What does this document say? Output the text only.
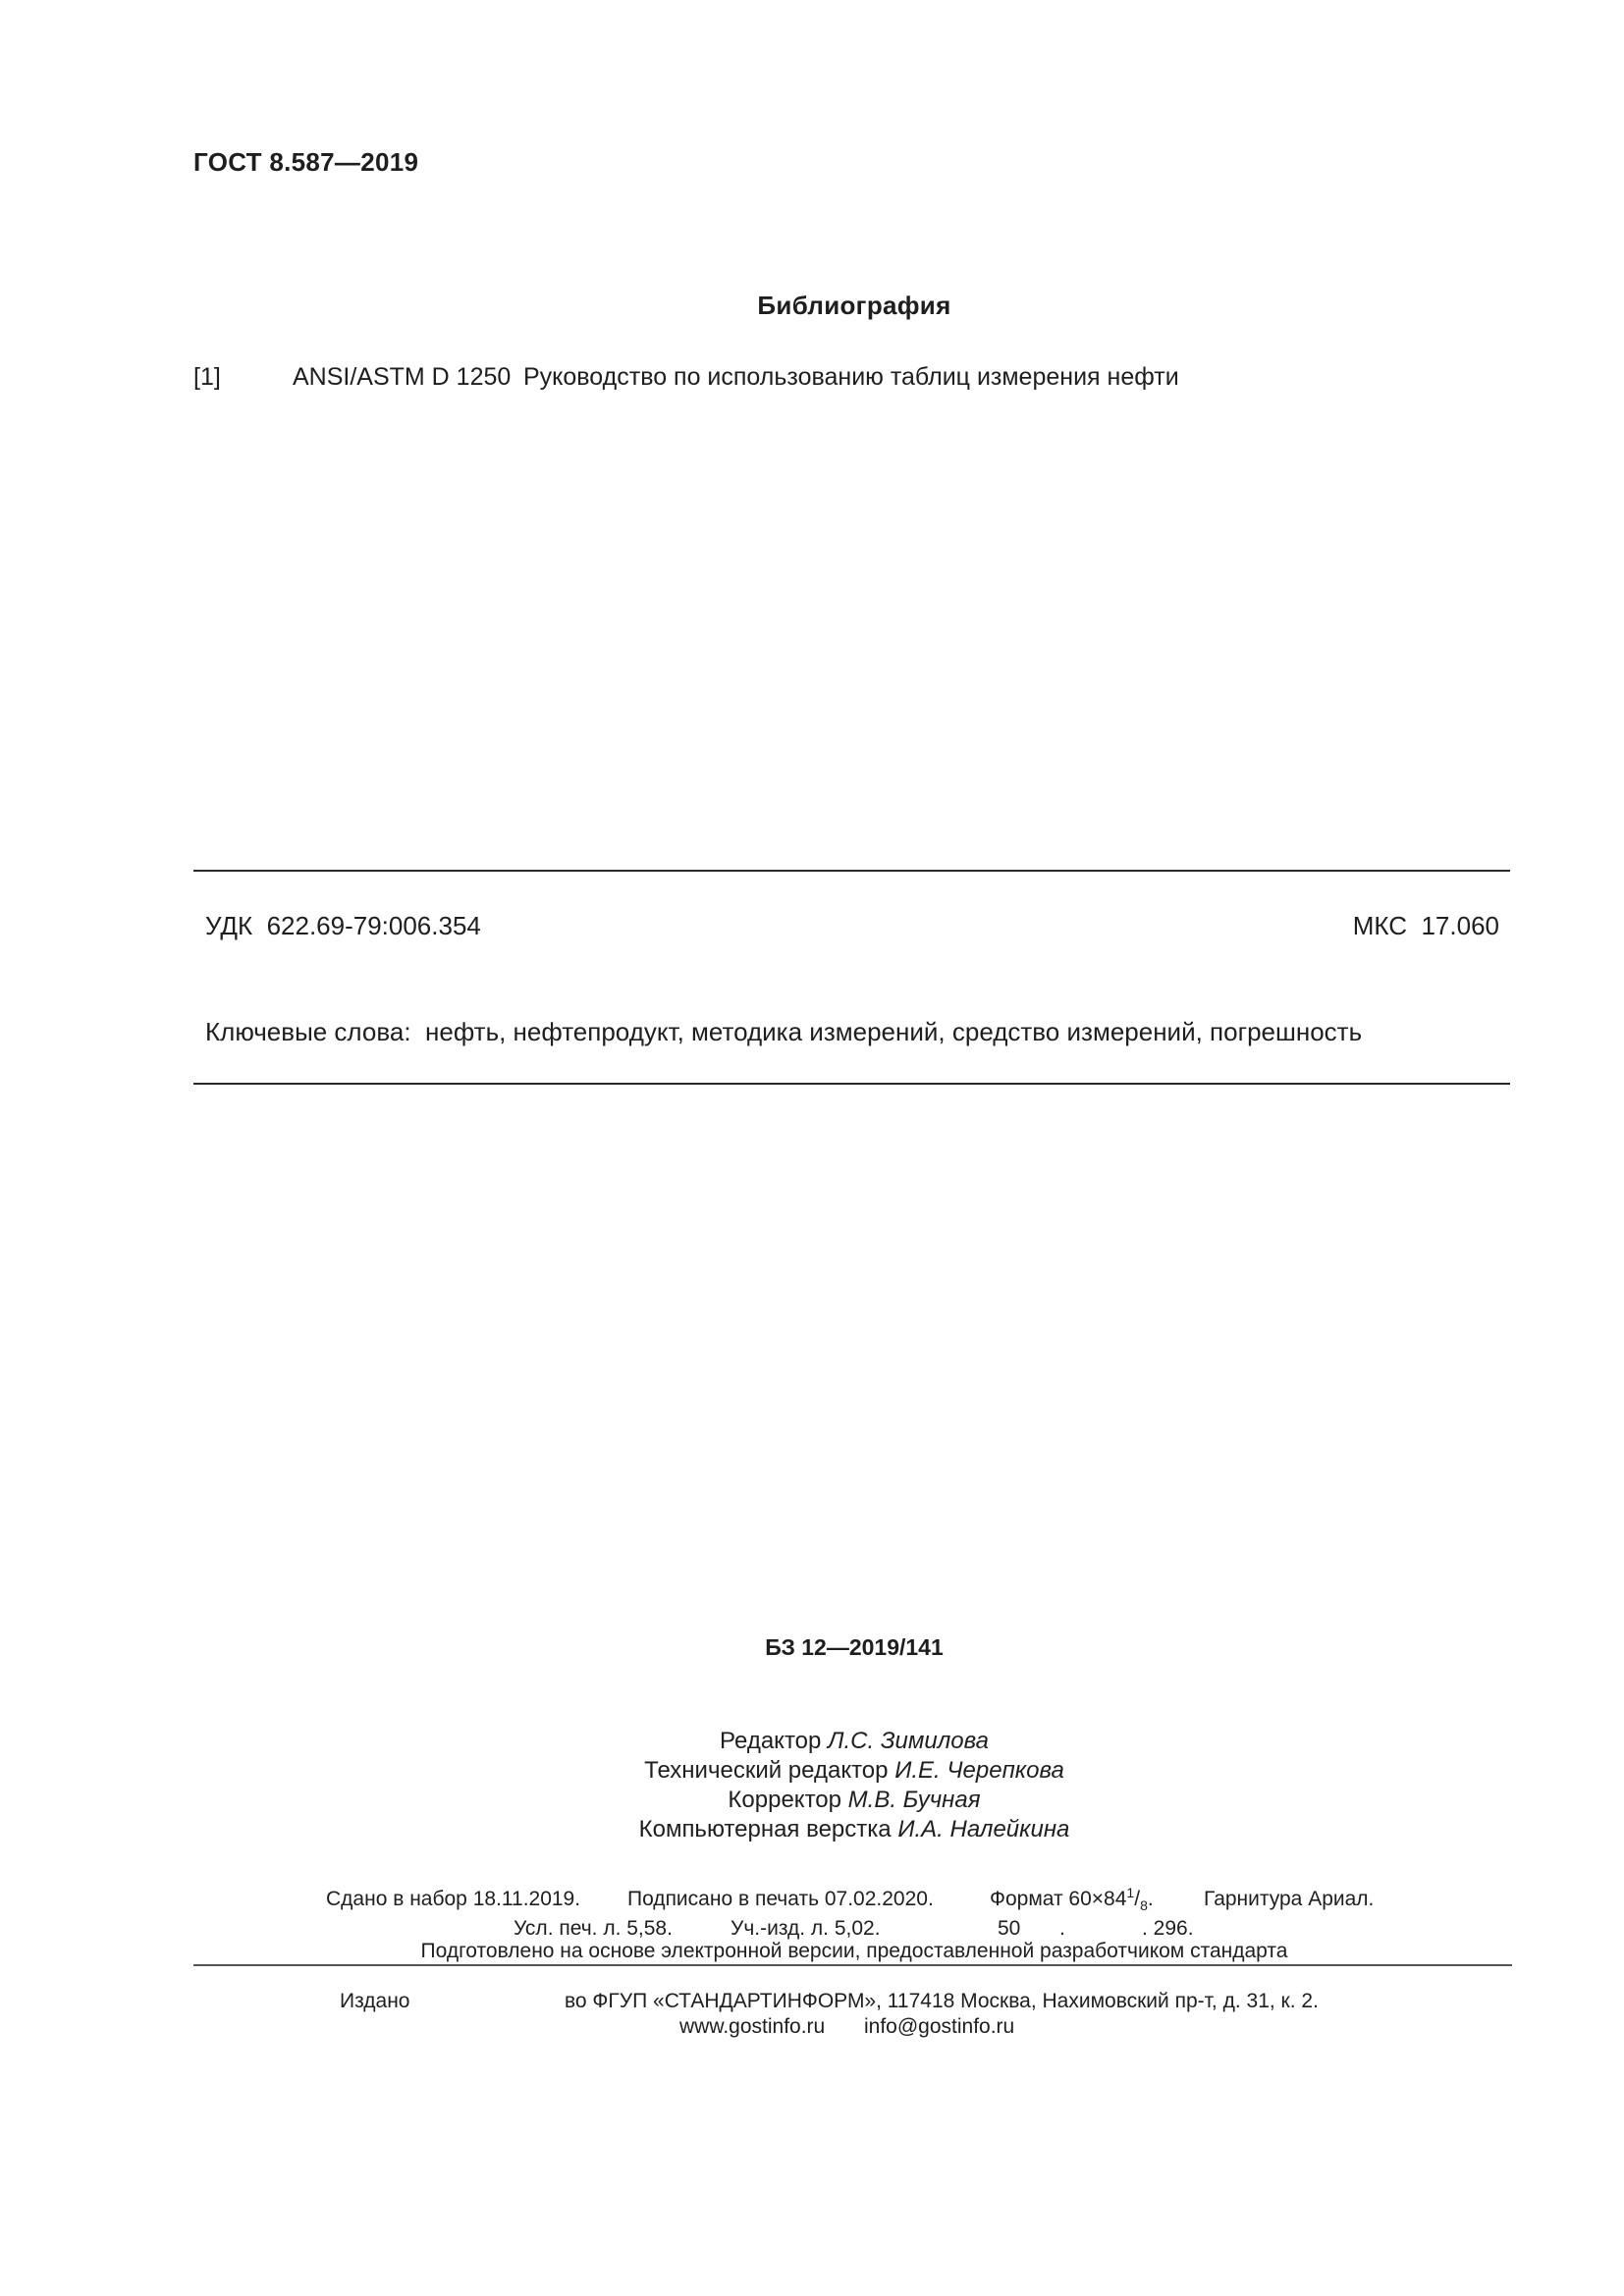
ГОСТ 8.587—2019
Библиография
[1]	ANSI/ASTM D 1250 Руководство по использованию таблиц измерения нефти
УДК 622.69-79:006.354	МКС 17.060
Ключевые слова: нефть, нефтепродукт, методика измерений, средство измерений, погрешность
БЗ 12—2019/141
Редактор Л.С. Зимилова
Технический редактор И.Е. Черепкова
Корректор М.В. Бучная
Компьютерная верстка И.А. Налейкина
Сдано в набор 18.11.2019. Подписано в печать 07.02.2020.	Формат $60\times 84^1/_8$. Гарнитура Ариал.
Усл. печ. л. 5,58.	Уч.-изд. л. 5,02.	50 .	. 296.
Подготовлено на основе электронной версии, предоставленной разработчиком стандарта
Издано	во ФГУП «СТАНДАРТИНФОРМ», 117418 Москва, Нахимовский пр-т, д. 31, к. 2.
www.gostinfo.ru info@gostinfo.ru
